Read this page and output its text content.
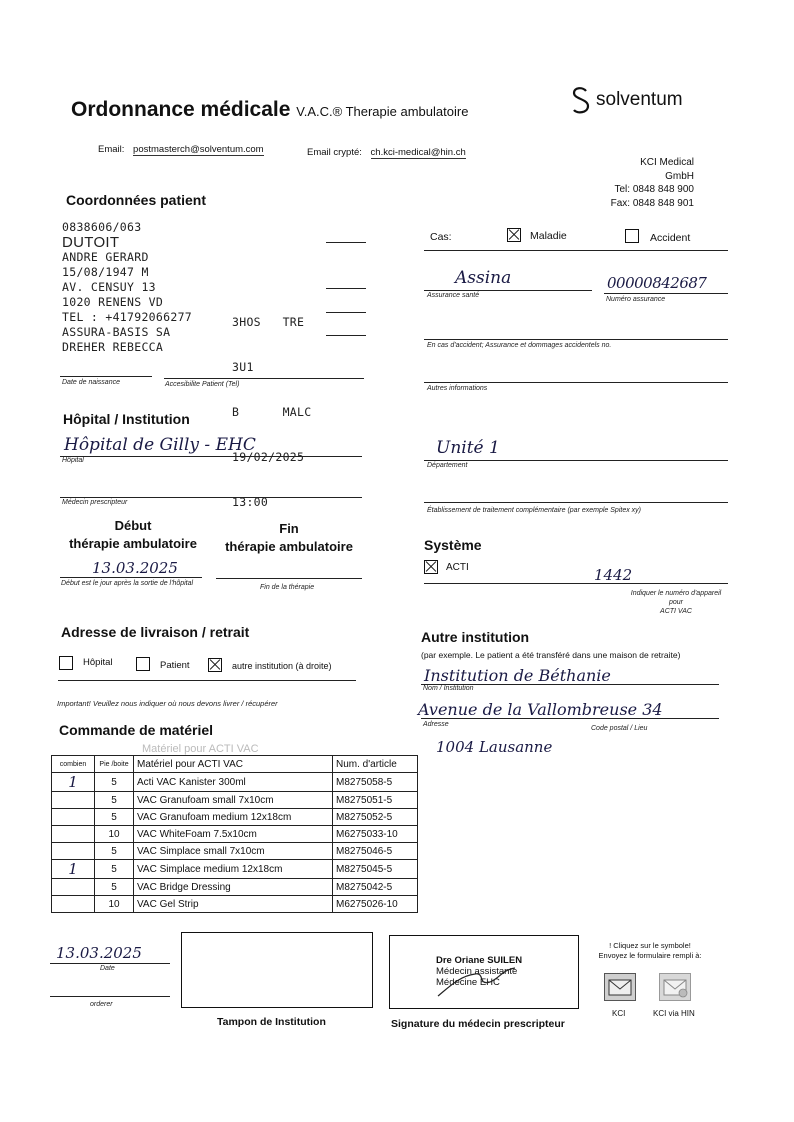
Ordonnance médicale V.A.C.® Therapie ambulatoire
solventum
Email: postmasterch@solventum.com	Email crypté: ch.kci-medical@hin.ch
KCI Medical GmbH
Tel: 0848 848 900
Fax: 0848 848 901
Coordonnées patient
0838606/063
DUTOIT
ANDRE GERARD
15/08/1947 M
AV. CENSUY 13
1020 RENENS VD
TEL : +41792066277
ASSURA-BASIS SA
DREHER REBECCA

3HOS   TRE

3U1

B      MALC

19/02/2025

13:00

Date de naissance	Accesibilite Patient (Tel)
Cas:	Maladie	Accident
Assina
Assurance santé
00000842687
Numéro assurance
En cas d'accident; Assurance et dommages accidentels no.
Autres informations
Hôpital / Institution
Hôpital de Gilly - EHC
Hôpital
Médecin prescripteur
Unité 1
Département
Établissement de traitement complémentaire (par exemple Spitex xy)
Début
thérapie ambulatoire
Fin
thérapie ambulatoire
13.03.2025
Début est le jour après la sortie de l'hôpital
Fin de la thérapie
Système
ACTI	1442
Indiquer le numéro d'appareil pour
ACTI VAC
Adresse de livraison / retrait
Hôpital	Patient	autre institution (à droite)
Important! Veuillez nous indiquer où nous devons livrer / récupérer
Autre institution
(par exemple. Le patient a été transféré dans une maison de retraite)
Institution de Béthanie
Nom / Institution
Avenue de la Vallombreuse 34
Adresse
Code postal / Lieu
1004 Lausanne
Commande de matériel
Matériel pour ACTI VAC
combien	Pie /boite	Matériel pour ACTI VAC	Num. d'article
1	5	Acti VAC Kanister 300ml	M8275058-5
	5	VAC Granufoam small 7x10cm	M8275051-5
	5	VAC Granufoam medium 12x18cm	M8275052-5
	10	VAC WhiteFoam 7.5x10cm	M6275033-10
	5	VAC Simplace small 7x10cm	M8275046-5
1	5	VAC Simplace medium 12x18cm	M8275045-5
	5	VAC Bridge Dressing	M8275042-5
	10	VAC Gel Strip	M6275026-10
13.03.2025
Date
orderer
Tampon de Institution
Dre Oriane SUILEN
Médecin assistante
Médecine EHC
Signature du médecin prescripteur
! Cliquez sur le symbole!
Envoyez le formulaire rempli à:
KCI	KCI via HIN
